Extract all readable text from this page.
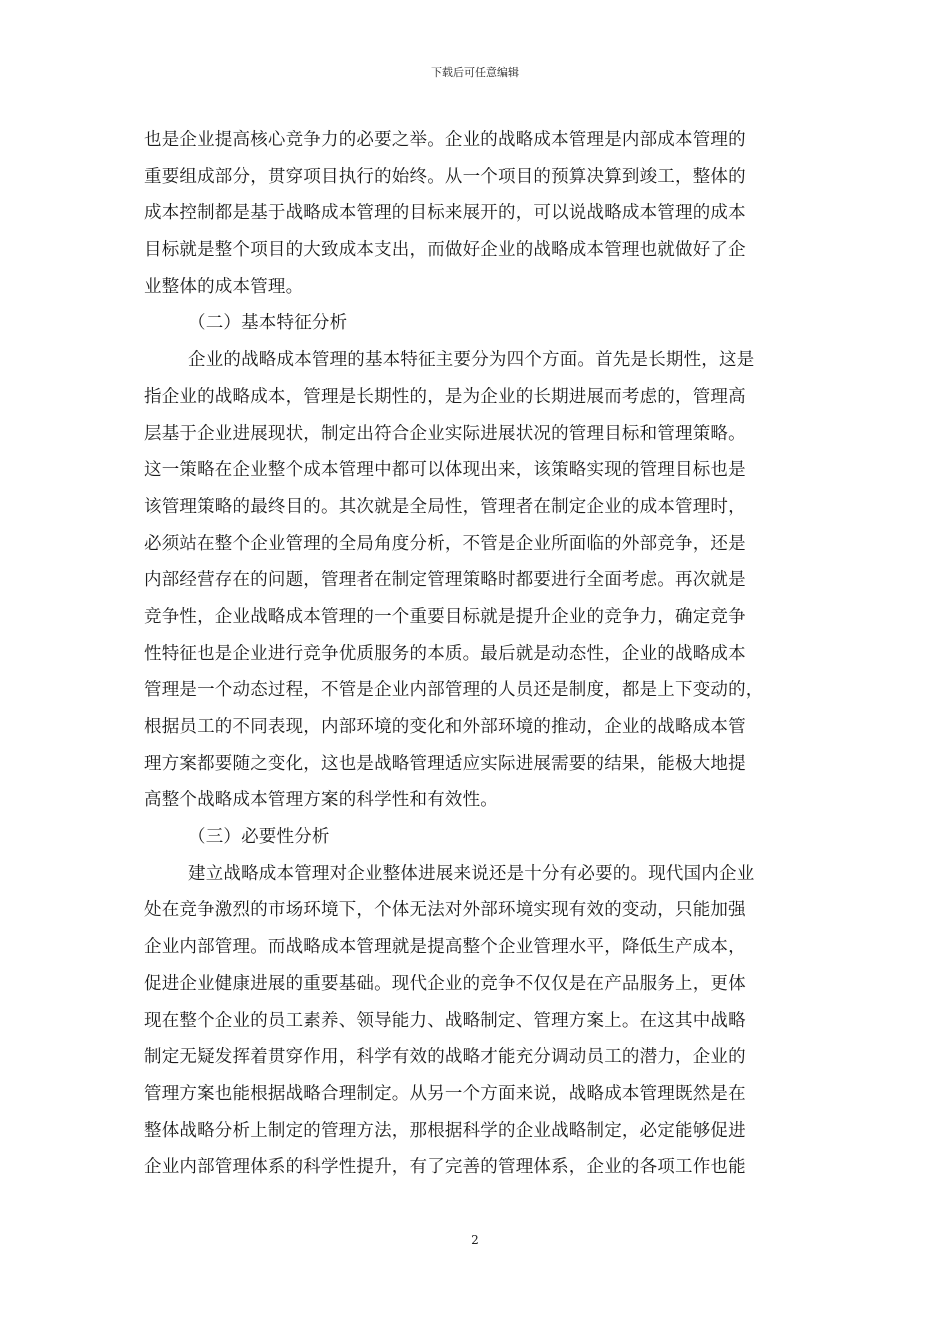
下载后可任意编辑
也是企业提高核心竞争力的必要之举。企业的战略成本管理是内部成本管理的
重要组成部分，贯穿项目执行的始终。从一个项目的预算决算到竣工，整体的
成本控制都是基于战略成本管理的目标来展开的，可以说战略成本管理的成本
目标就是整个项目的大致成本支出，而做好企业的战略成本管理也就做好了企
业整体的成本管理。
（二）基本特征分析
企业的战略成本管理的基本特征主要分为四个方面。首先是长期性，这是
指企业的战略成本，管理是长期性的，是为企业的长期进展而考虑的，管理高
层基于企业进展现状，制定出符合企业实际进展状况的管理目标和管理策略。
这一策略在企业整个成本管理中都可以体现出来，该策略实现的管理目标也是
该管理策略的最终目的。其次就是全局性，管理者在制定企业的成本管理时，
必须站在整个企业管理的全局角度分析，不管是企业所面临的外部竞争，还是
内部经营存在的问题，管理者在制定管理策略时都要进行全面考虑。再次就是
竞争性，企业战略成本管理的一个重要目标就是提升企业的竞争力，确定竞争
性特征也是企业进行竞争优质服务的本质。最后就是动态性，企业的战略成本
管理是一个动态过程，不管是企业内部管理的人员还是制度，都是上下变动的，
根据员工的不同表现，内部环境的变化和外部环境的推动，企业的战略成本管
理方案都要随之变化，这也是战略管理适应实际进展需要的结果，能极大地提
高整个战略成本管理方案的科学性和有效性。
（三）必要性分析
建立战略成本管理对企业整体进展来说还是十分有必要的。现代国内企业
处在竞争激烈的市场环境下，个体无法对外部环境实现有效的变动，只能加强
企业内部管理。而战略成本管理就是提高整个企业管理水平，降低生产成本，
促进企业健康进展的重要基础。现代企业的竞争不仅仅是在产品服务上，更体
现在整个企业的员工素养、领导能力、战略制定、管理方案上。在这其中战略
制定无疑发挥着贯穿作用，科学有效的战略才能充分调动员工的潜力，企业的
管理方案也能根据战略合理制定。从另一个方面来说，战略成本管理既然是在
整体战略分析上制定的管理方法，那根据科学的企业战略制定，必定能够促进
企业内部管理体系的科学性提升，有了完善的管理体系，企业的各项工作也能
2
